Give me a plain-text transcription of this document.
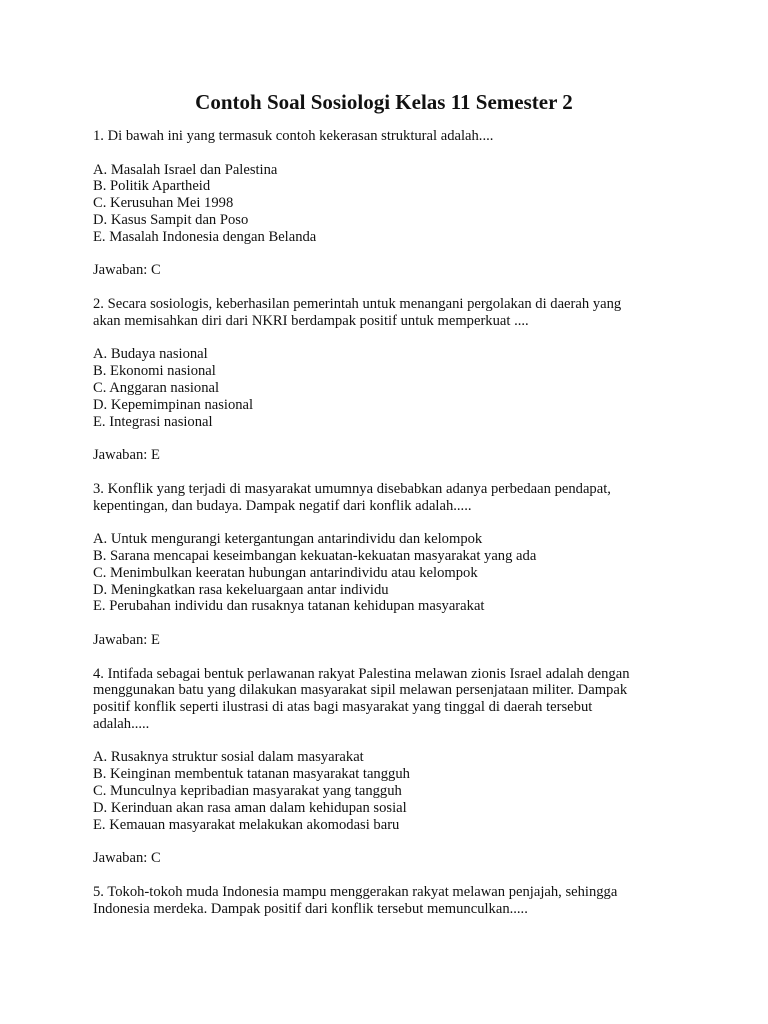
Contoh Soal Sosiologi Kelas 11 Semester 2
1. Di bawah ini yang termasuk contoh kekerasan struktural adalah....
A. Masalah Israel dan Palestina
B. Politik Apartheid
C. Kerusuhan Mei 1998
D. Kasus Sampit dan Poso
E. Masalah Indonesia dengan Belanda
Jawaban: C
2. Secara sosiologis, keberhasilan pemerintah untuk menangani pergolakan di daerah yang
akan memisahkan diri dari NKRI berdampak positif untuk memperkuat ....
A. Budaya nasional
B. Ekonomi nasional
C. Anggaran nasional
D. Kepemimpinan nasional
E. Integrasi nasional
Jawaban: E
3. Konflik yang terjadi di masyarakat umumnya disebabkan adanya perbedaan pendapat,
kepentingan, dan budaya. Dampak negatif dari konflik adalah.....
A. Untuk mengurangi ketergantungan antarindividu dan kelompok
B. Sarana mencapai keseimbangan kekuatan-kekuatan masyarakat yang ada
C. Menimbulkan keeratan hubungan antarindividu atau kelompok
D. Meningkatkan rasa kekeluargaan antar individu
E. Perubahan individu dan rusaknya tatanan kehidupan masyarakat
Jawaban: E
4. Intifada sebagai bentuk perlawanan rakyat Palestina melawan zionis Israel adalah dengan
menggunakan batu yang dilakukan masyarakat sipil melawan persenjataan militer. Dampak
positif konflik seperti ilustrasi di atas bagi masyarakat yang tinggal di daerah tersebut
adalah.....
A. Rusaknya struktur sosial dalam masyarakat
B. Keinginan membentuk tatanan masyarakat tangguh
C. Munculnya kepribadian masyarakat yang tangguh
D. Kerinduan akan rasa aman dalam kehidupan sosial
E. Kemauan masyarakat melakukan akomodasi baru
Jawaban: C
5. Tokoh-tokoh muda Indonesia mampu menggerakan rakyat melawan penjajah, sehingga
Indonesia merdeka. Dampak positif dari konflik tersebut memunculkan.....
